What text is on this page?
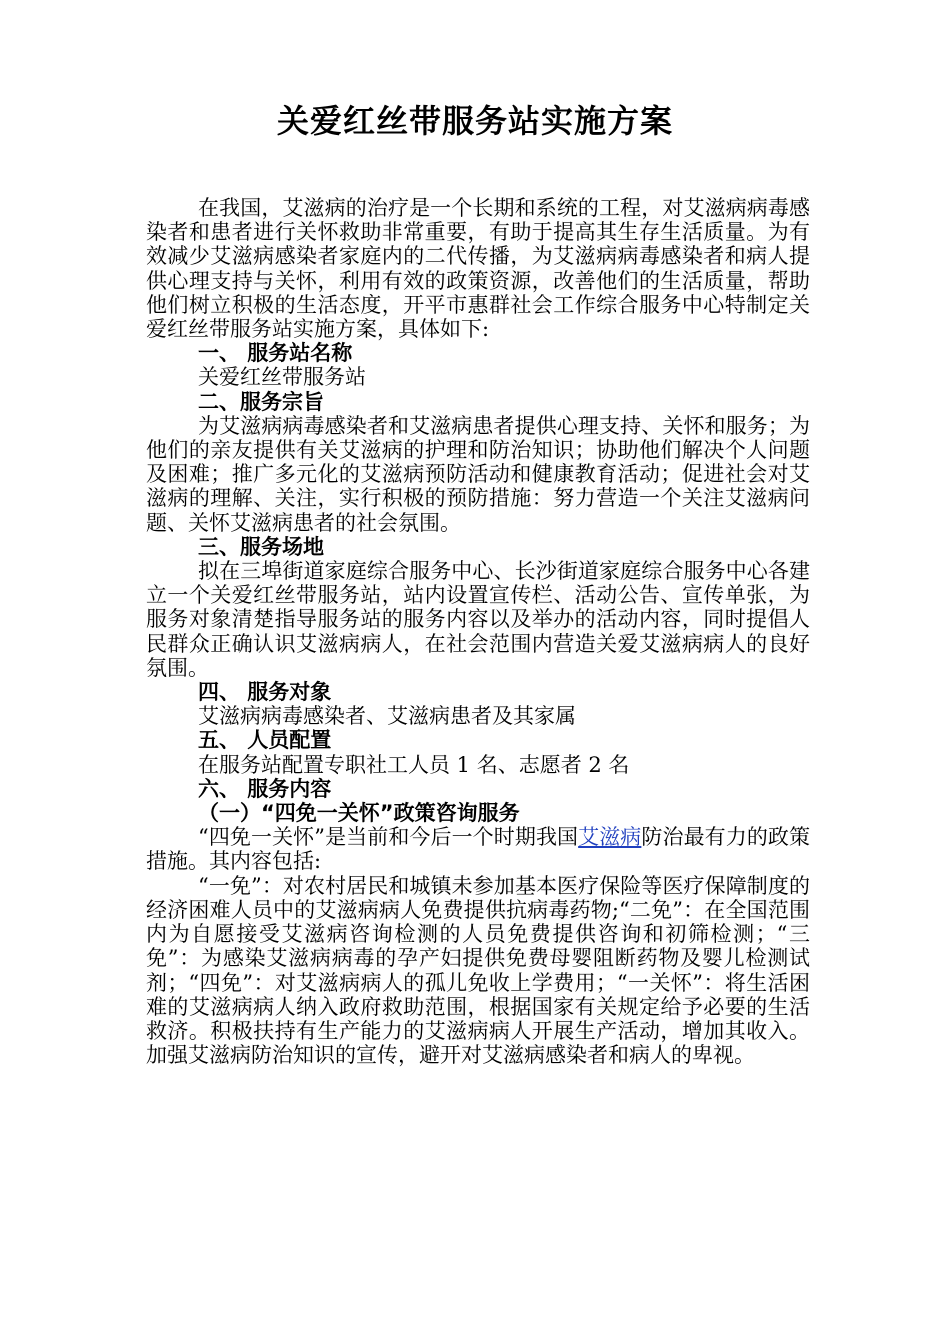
关爱红丝带服务站实施方案

在我国，艾滋病的治疗是一个长期和系统的工程，对艾滋病病毒感染者和患者进行关怀救助非常重要，有助于提高其生存生活质量。为有效减少艾滋病感染者家庭内的二代传播，为艾滋病病毒感染者和病人提供心理支持与关怀，利用有效的政策资源，改善他们的生活质量，帮助他们树立积极的生活态度，开平市惠群社会工作综合服务中心特制定关爱红丝带服务站实施方案，具体如下:

一、 服务站名称

关爱红丝带服务站

二、服务宗旨

为艾滋病病毒感染者和艾滋病患者提供心理支持、关怀和服务；为他们的亲友提供有关艾滋病的护理和防治知识；协助他们解决个人问题及困难；推广多元化的艾滋病预防活动和健康教育活动；促进社会对艾滋病的理解、关注，实行积极的预防措施：努力营造一个关注艾滋病问题、关怀艾滋病患者的社会氛围。

三、服务场地

拟在三埠街道家庭综合服务中心、长沙街道家庭综合服务中心各建立一个关爱红丝带服务站，站内设置宣传栏、活动公告、宣传单张，为服务对象清楚指导服务站的服务内容以及举办的活动内容，同时提倡人民群众正确认识艾滋病病人，在社会范围内营造关爱艾滋病病人的良好氛围。

四、 服务对象

艾滋病病毒感染者、艾滋病患者及其家属

五、 人员配置

在服务站配置专职社工人员 1 名、志愿者 2 名

六、 服务内容

（一）“四免一关怀”政策咨询服务

“四免一关怀”是当前和今后一个时期我国艾滋病防治最有力的政策措施。其内容包括:

“一免”：对农村居民和城镇未参加基本医疗保险等医疗保障制度的经济困难人员中的艾滋病病人免费提供抗病毒药物;“二免”：在全国范围内为自愿接受艾滋病咨询检测的人员免费提供咨询和初筛检测；“三免”：为感染艾滋病病毒的孕产妇提供免费母婴阻断药物及婴儿检测试剂；“四免”：对艾滋病病人的孤儿免收上学费用；“一关怀”：将生活困难的艾滋病病人纳入政府救助范围，根据国家有关规定给予必要的生活救济。积极扶持有生产能力的艾滋病病人开展生产活动，增加其收入。加强艾滋病防治知识的宣传，避开对艾滋病感染者和病人的卑视。
